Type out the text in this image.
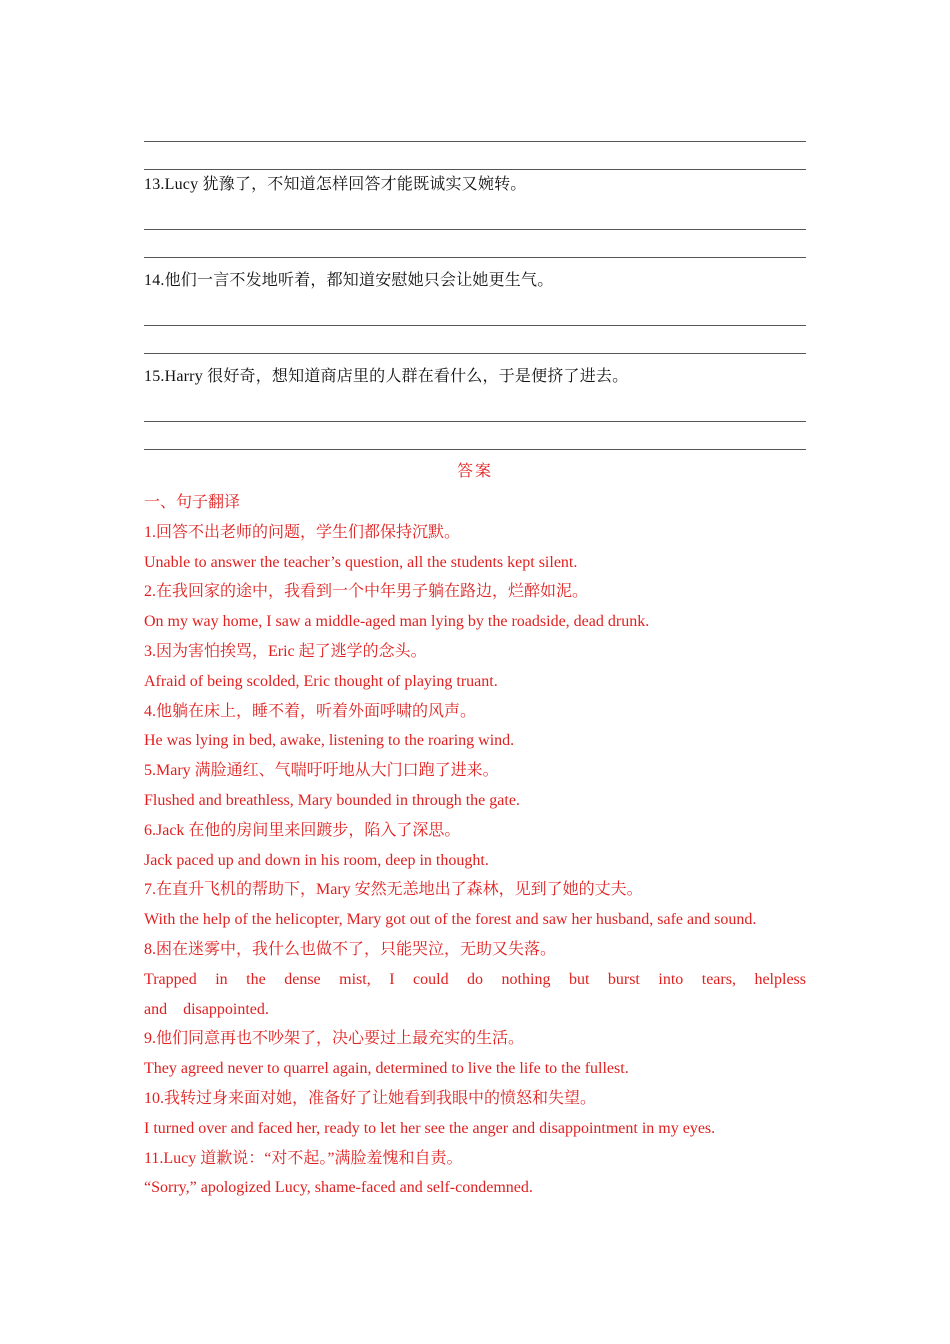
13.Lucy 犹豫了，不知道怎样回答才能既诚实又婉转。
14.他们一言不发地听着，都知道安慰她只会让她更生气。
15.Harry 很好奇，想知道商店里的人群在看什么，于是便挤了进去。
答案
一、句子翻译
1.回答不出老师的问题，学生们都保持沉默。
Unable to answer the teacher’s question, all the students kept silent.
2.在我回家的途中，我看到一个中年男子躺在路边，烂醉如泥。
On my way home, I saw a middle-aged man lying by the roadside, dead drunk.
3.因为害怕挨骂，Eric 起了逃学的念头。
Afraid of being scolded, Eric thought of playing truant.
4.他躺在床上，睡不着，听着外面呼啸的风声。
He was lying in bed, awake, listening to the roaring wind.
5.Mary 满脸通红、气喘吁吁地从大门口跑了进来。
Flushed and breathless, Mary bounded in through the gate.
6.Jack 在他的房间里来回踱步，陷入了深思。
Jack paced up and down in his room, deep in thought.
7.在直升飞机的帮助下，Mary 安然无恙地出了森林，见到了她的丈夫。
With the help of the helicopter, Mary got out of the forest and saw her husband, safe and sound.
8.困在迷雾中，我什么也做不了，只能哭泣，无助又失落。
Trapped in the dense mist, I could do nothing but burst into tears, helpless and disappointed.
9.他们同意再也不吵架了，决心要过上最充实的生活。
They agreed never to quarrel again, determined to live the life to the fullest.
10.我转过身来面对她，准备好了让她看到我眼中的愤怒和失望。
I turned over and faced her, ready to let her see the anger and disappointment in my eyes.
11.Lucy 道歉说：“对不起。”满脸羞愧和自责。
“Sorry,” apologized Lucy, shame-faced and self-condemned.
